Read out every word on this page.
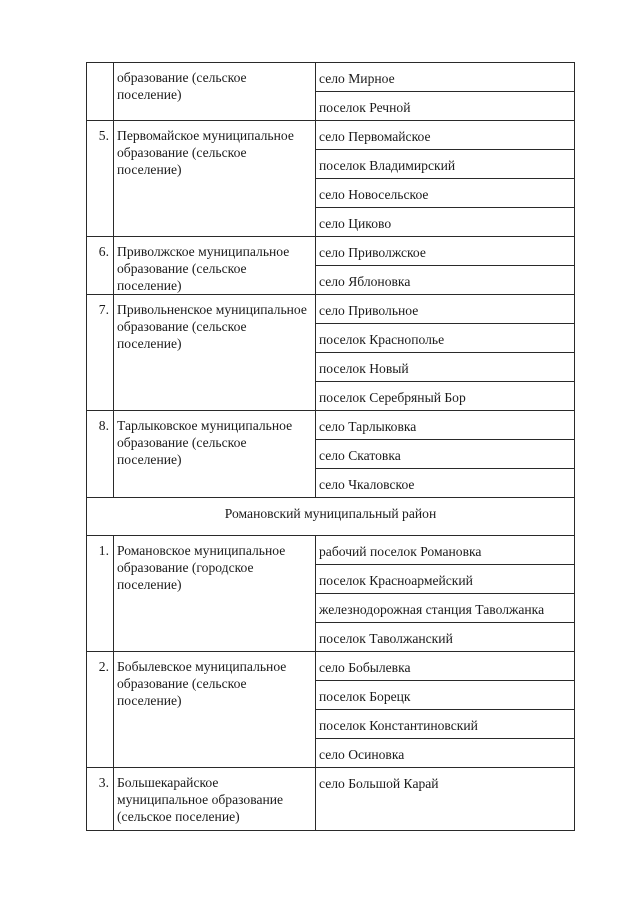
	образование (сельское поселение)	село Мирное
		поселок Речной
5.	Первомайское муниципальное образование (сельское поселение)	село Первомайское
		поселок Владимирский
		село Новосельское
		село Циково
6.	Приволжское муниципальное образование (сельское поселение)	село Приволжское
		село Яблоновка
7.	Привольненское муниципальное образование (сельское поселение)	село Привольное
		поселок Краснополье
		поселок Новый
		поселок Серебряный Бор
8.	Тарлыковское муниципальное образование (сельское поселение)	село Тарлыковка
		село Скатовка
		село Чкаловское
Романовский муниципальный район		
1.	Романовское муниципальное образование (городское поселение)	рабочий поселок Романовка
		поселок Красноармейский
		железнодорожная станция Таволжанка
		поселок Таволжанский
2.	Бобылевское муниципальное образование (сельское поселение)	село Бобылевка
		поселок Борецк
		поселок Константиновский
		село Осиновка
3.	Большекарайское муниципальное образование (сельское поселение)	село Большой Карай
